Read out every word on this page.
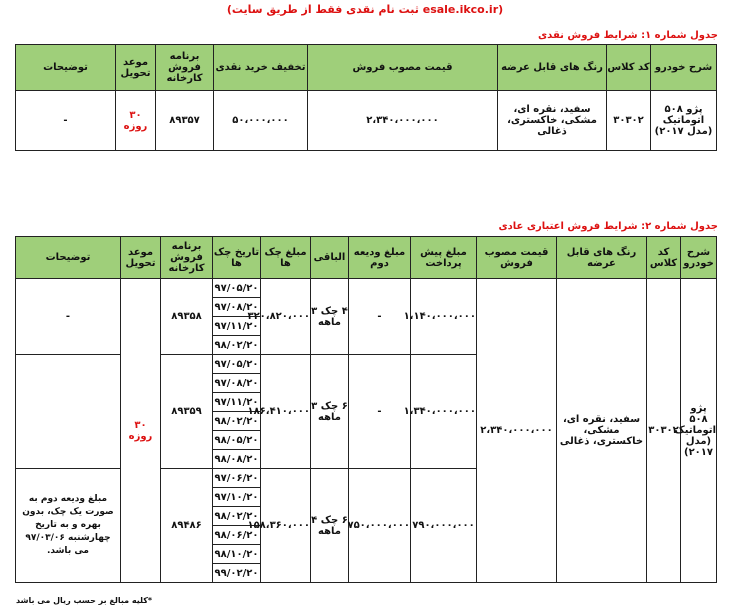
(ثبت نام نقدی فقط از طریق سایت esale.ikco.ir)
جدول شماره ۱: شرایط فروش نقدی
شرح خودرو	کد کلاس	رنگ های قابل عرضه	قیمت مصوب فروش	تخفیف خرید نقدی	برنامه فروش کارخانه	موعد تحویل	توضیحات
پژو ۵۰۸ اتوماتیک (مدل ۲۰۱۷)	۳۰۳۰۲	سفید، نقره ای، مشکی، خاکستری، ذغالی	۲،۳۴۰،۰۰۰،۰۰۰	۵۰،۰۰۰،۰۰۰	۸۹۳۵۷	۳۰ روزه	-
جدول شماره ۲: شرایط فروش اعتباری عادی
شرح خودرو	کد کلاس	رنگ های قابل عرضه	قیمت مصوب فروش	مبلغ پیش پرداخت	مبلغ ودیعه دوم	الباقی	مبلغ چک ها	تاریخ چک ها	برنامه فروش کارخانه	موعد تحویل	توضیحات
پژو ۵۰۸ اتوماتیک (مدل ۲۰۱۷)	۳۰۳۰۲	سفید، نقره ای، مشکی، خاکستری، ذغالی	۲،۳۴۰،۰۰۰،۰۰۰	۱،۱۴۰،۰۰۰،۰۰۰	-	۴ چک ۳ ماهه	۳۲۰،۸۲۰،۰۰۰	۹۷/۰۵/۲۰	۸۹۳۵۸	۳۰ روزه	-
								۹۷/۰۸/۲۰			
								۹۷/۱۱/۲۰			
								۹۸/۰۲/۲۰			
				۱،۳۴۰،۰۰۰،۰۰۰	-	۶ چک ۳ ماهه	۱۸۶،۴۱۰،۰۰۰	۹۷/۰۵/۲۰	۸۹۳۵۹		
								۹۷/۰۸/۲۰			
								۹۷/۱۱/۲۰			
								۹۸/۰۲/۲۰			
								۹۸/۰۵/۲۰			
								۹۸/۰۸/۲۰			
				۷۹۰،۰۰۰،۰۰۰	۷۵۰،۰۰۰،۰۰۰	۶ چک ۴ ماهه	۱۵۸،۳۶۰،۰۰۰	۹۷/۰۶/۲۰	۸۹۴۸۶		مبلغ ودیعه دوم به صورت یک چک، بدون بهره و به تاریخ چهارشنبه ۹۷/۰۳/۰۶ می باشد.
								۹۷/۱۰/۲۰			
								۹۸/۰۲/۲۰			
								۹۸/۰۶/۲۰			
								۹۸/۱۰/۲۰			
								۹۹/۰۲/۲۰			
*کلیه مبالغ بر حسب ریال می باشد
